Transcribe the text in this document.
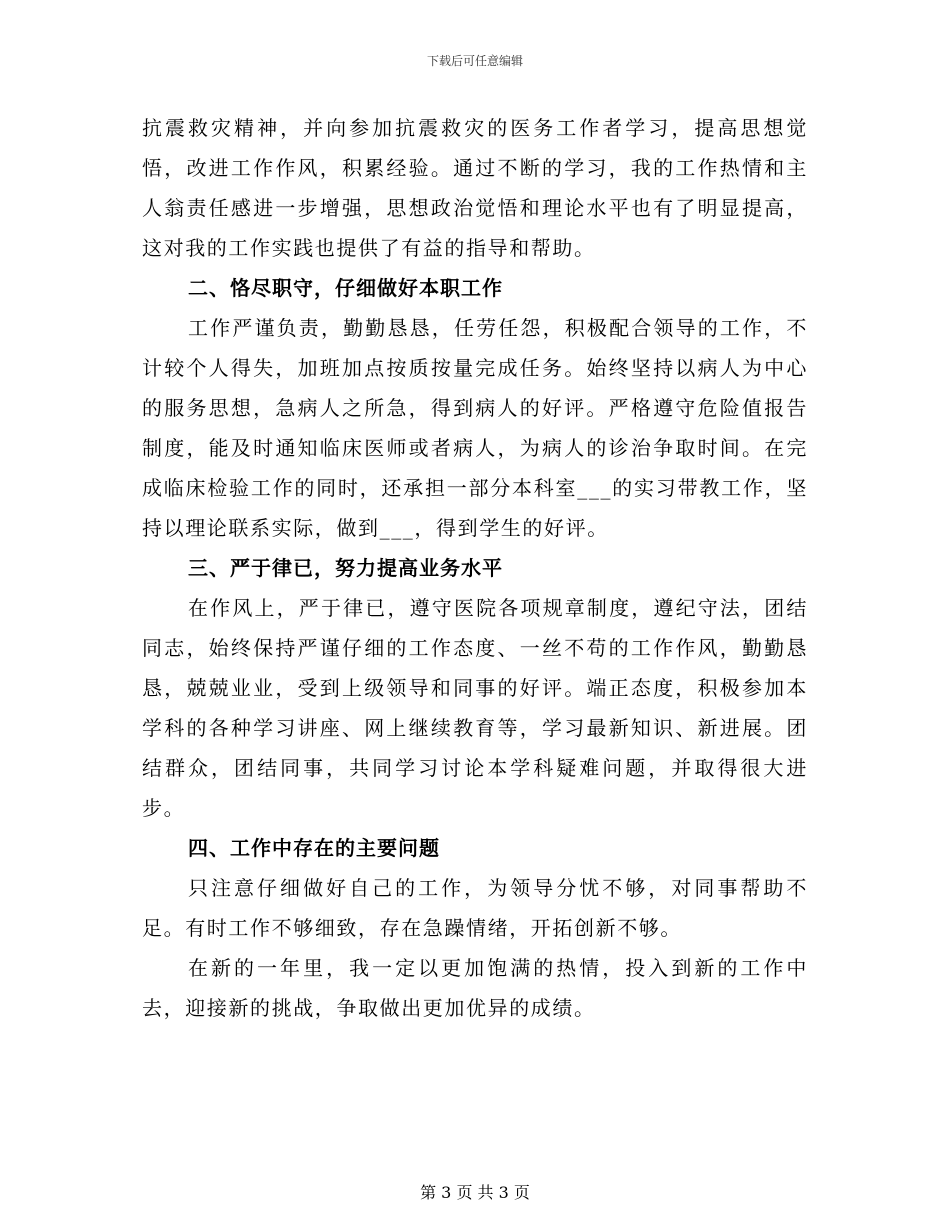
下载后可任意编辑

抗震救灾精神，并向参加抗震救灾的医务工作者学习，提高思想觉悟，改进工作作风，积累经验。通过不断的学习，我的工作热情和主人翁责任感进一步增强，思想政治觉悟和理论水平也有了明显提高，这对我的工作实践也提供了有益的指导和帮助。

二、恪尽职守，仔细做好本职工作

工作严谨负责，勤勤恳恳，任劳任怨，积极配合领导的工作，不计较个人得失，加班加点按质按量完成任务。始终坚持以病人为中心的服务思想，急病人之所急，得到病人的好评。严格遵守危险值报告制度，能及时通知临床医师或者病人，为病人的诊治争取时间。在完成临床检验工作的同时，还承担一部分本科室___的实习带教工作，坚持以理论联系实际，做到___，得到学生的好评。

三、严于律已，努力提高业务水平

在作风上，严于律已，遵守医院各项规章制度，遵纪守法，团结同志，始终保持严谨仔细的工作态度、一丝不苟的工作作风，勤勤恳恳，兢兢业业，受到上级领导和同事的好评。端正态度，积极参加本学科的各种学习讲座、网上继续教育等，学习最新知识、新进展。团结群众，团结同事，共同学习讨论本学科疑难问题，并取得很大进步。

四、工作中存在的主要问题

只注意仔细做好自己的工作，为领导分忧不够，对同事帮助不足。有时工作不够细致，存在急躁情绪，开拓创新不够。

在新的一年里，我一定以更加饱满的热情，投入到新的工作中去，迎接新的挑战，争取做出更加优异的成绩。

第 3 页 共 3 页
